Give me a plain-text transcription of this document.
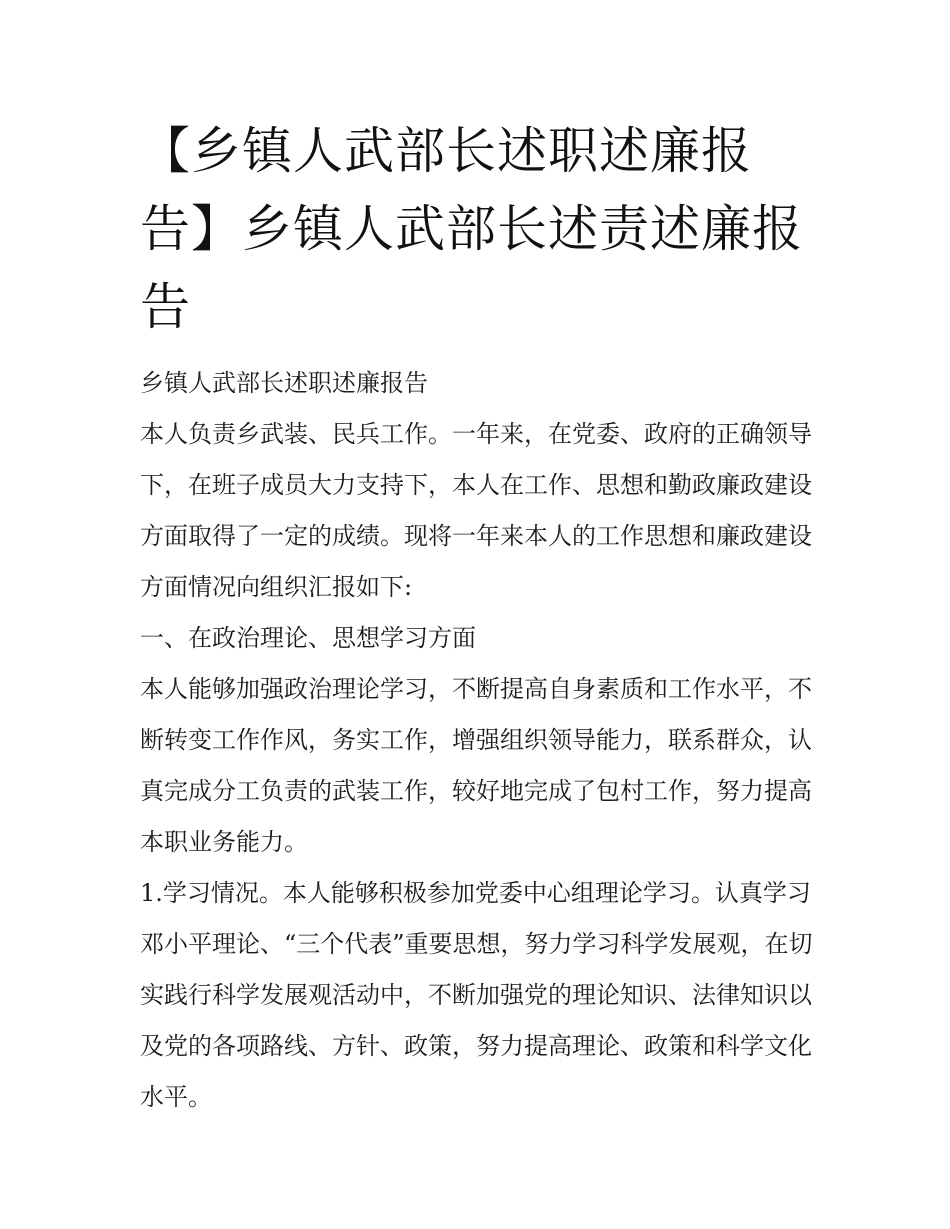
【乡镇人武部长述职述廉报告】乡镇人武部长述责述廉报告

乡镇人武部长述职述廉报告

本人负责乡武装、民兵工作。一年来，在党委、政府的正确领导下，在班子成员大力支持下，本人在工作、思想和勤政廉政建设方面取得了一定的成绩。现将一年来本人的工作思想和廉政建设方面情况向组织汇报如下:

一、在政治理论、思想学习方面

本人能够加强政治理论学习，不断提高自身素质和工作水平，不断转变工作作风，务实工作，增强组织领导能力，联系群众，认真完成分工负责的武装工作，较好地完成了包村工作，努力提高本职业务能力。

1.学习情况。本人能够积极参加党委中心组理论学习。认真学习邓小平理论、“三个代表”重要思想，努力学习科学发展观，在切实践行科学发展观活动中，不断加强党的理论知识、法律知识以及党的各项路线、方针、政策，努力提高理论、政策和科学文化水平。
